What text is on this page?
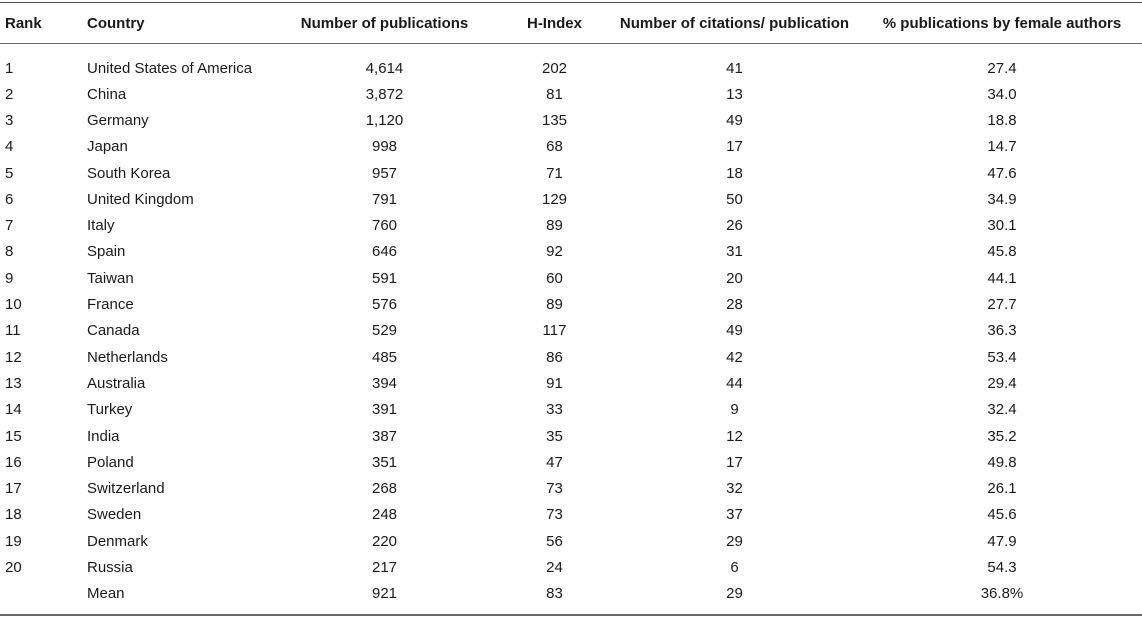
Rank	Country	Number of publications	H-Index	Number of citations/ publication	% publications by female authors
1	United States of America	4,614	202	41	27.4
2	China	3,872	81	13	34.0
3	Germany	1,120	135	49	18.8
4	Japan	998	68	17	14.7
5	South Korea	957	71	18	47.6
6	United Kingdom	791	129	50	34.9
7	Italy	760	89	26	30.1
8	Spain	646	92	31	45.8
9	Taiwan	591	60	20	44.1
10	France	576	89	28	27.7
11	Canada	529	117	49	36.3
12	Netherlands	485	86	42	53.4
13	Australia	394	91	44	29.4
14	Turkey	391	33	9	32.4
15	India	387	35	12	35.2
16	Poland	351	47	17	49.8
17	Switzerland	268	73	32	26.1
18	Sweden	248	73	37	45.6
19	Denmark	220	56	29	47.9
20	Russia	217	24	6	54.3
	Mean	921	83	29	36.8%
